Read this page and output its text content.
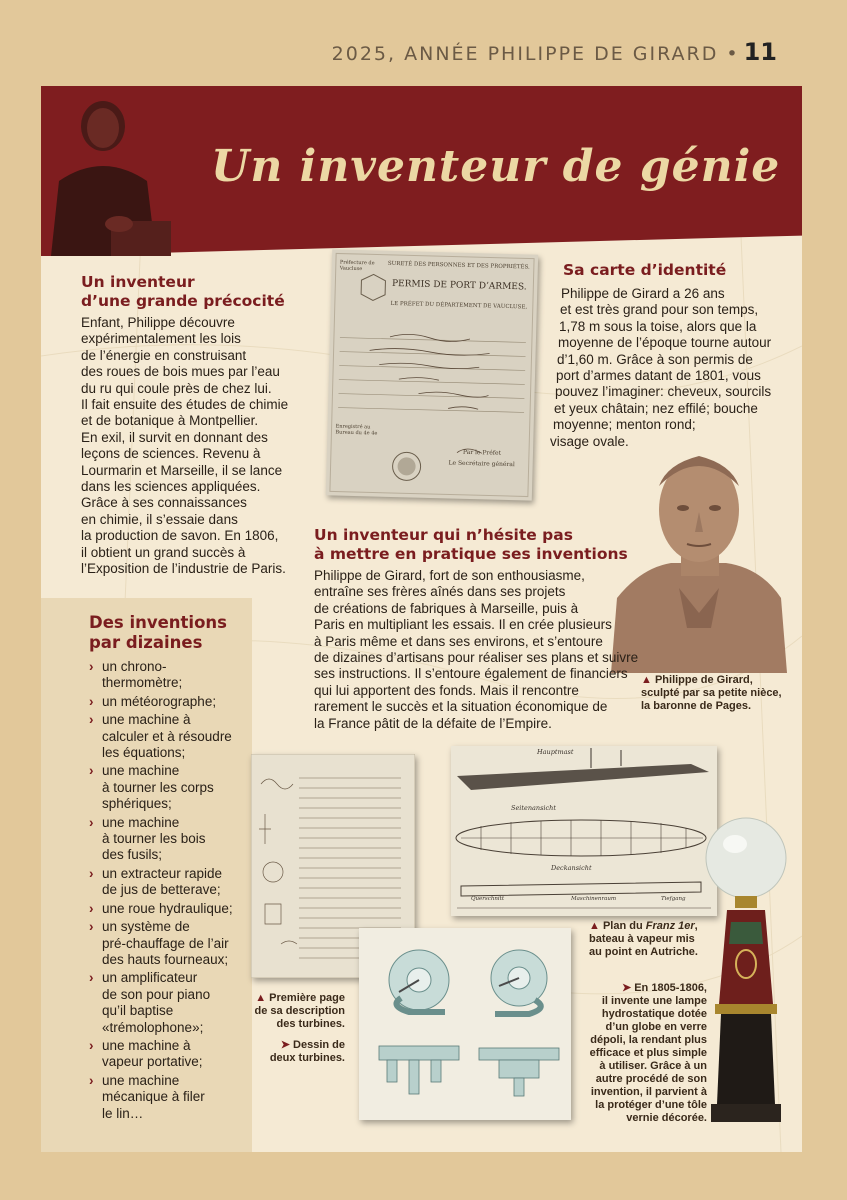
2025, ANNÉE PHILIPPE DE GIRARD • 11
Un inventeur de génie

Un inventeur

d’une grande précocité

Enfant, Philippe découvre

expérimentalement les lois

de l’énergie en construisant

des roues de bois mues par l’eau

du ru qui coule près de chez lui.

Il fait ensuite des études de chimie

et de botanique à Montpellier.

En exil, il survit en donnant des

leçons de sciences. Revenu à

Lourmarin et Marseille, il se lance

dans les sciences appliquées.

Grâce à ses connaissances

en chimie, il s’essaie dans

la production de savon. En 1806,

il obtient un grand succès à

l’Exposition de l’industrie de Paris.

Préfecture de Vaucluse	SURETÉ DES PERSONNES ET DES PROPRIÉTÉS.
PERMIS DE PORT D’ARMES.
LE PRÉFET DU DÉPARTEMENT DE VAUCLUSE,
Enregistré au Bureau du 4e 4e
Par le Préfet
Le Secrétaire général

Sa carte d’identité

Philippe de Girard a 26 ans

et est très grand pour son temps,

1,78 m sous la toise, alors que la

moyenne de l’époque tourne autour

d’1,60 m. Grâce à son permis de

port d’armes datant de 1801, vous

pouvez l’imaginer: cheveux, sourcils

et yeux châtain; nez effilé; bouche

moyenne; menton rond;

visage ovale.

▲ Philippe de Girard,

sculpté par sa petite nièce,

la baronne de Pages.

Un inventeur qui n’hésite pas

à mettre en pratique ses inventions

Philippe de Girard, fort de son enthousiasme,

entraîne ses frères aînés dans ses projets

de créations de fabriques à Marseille, puis à

Paris en multipliant les essais. Il en crée plusieurs

à Paris même et dans ses environs, et s’entoure

de dizaines d’artisans pour réaliser ses plans et suivre

ses instructions. Il s’entoure également de financiers

qui lui apportent des fonds. Mais il rencontre

rarement le succès et la situation économique de

la France pâtit de la défaite de l’Empire.

Des inventions

par dizaines

› un chrono-
thermomètre;
› un météorographe;
› une machine à
calculer et à résoudre
les équations;
› une machine
à tourner les corps
sphériques;
› une machine
à tourner les bois
des fusils;
› un extracteur rapide
de jus de betterave;
› une roue hydraulique;
› un système de
pré-chauffage de l’air
des hauts fourneaux;
› un amplificateur
de son pour piano
qu’il baptise
«trémolophone»;
› une machine à
vapeur portative;
› une machine
mécanique à filer
le lin…
Hauptmast
Seitenansicht
Deckansicht
Querschnitt	Maschinenraum	Tiefgang

▲ Première page

de sa description

des turbines.

➤ Dessin de

deux turbines.

▲ Plan du Franz 1er,

bateau à vapeur mis

au point en Autriche.

➤ En 1805-1806,

il invente une lampe

hydrostatique dotée

d’un globe en verre

dépoli, la rendant plus

efficace et plus simple

à utiliser. Grâce à un

autre procédé de son

invention, il parvient à

la protéger d’une tôle

vernie décorée.
